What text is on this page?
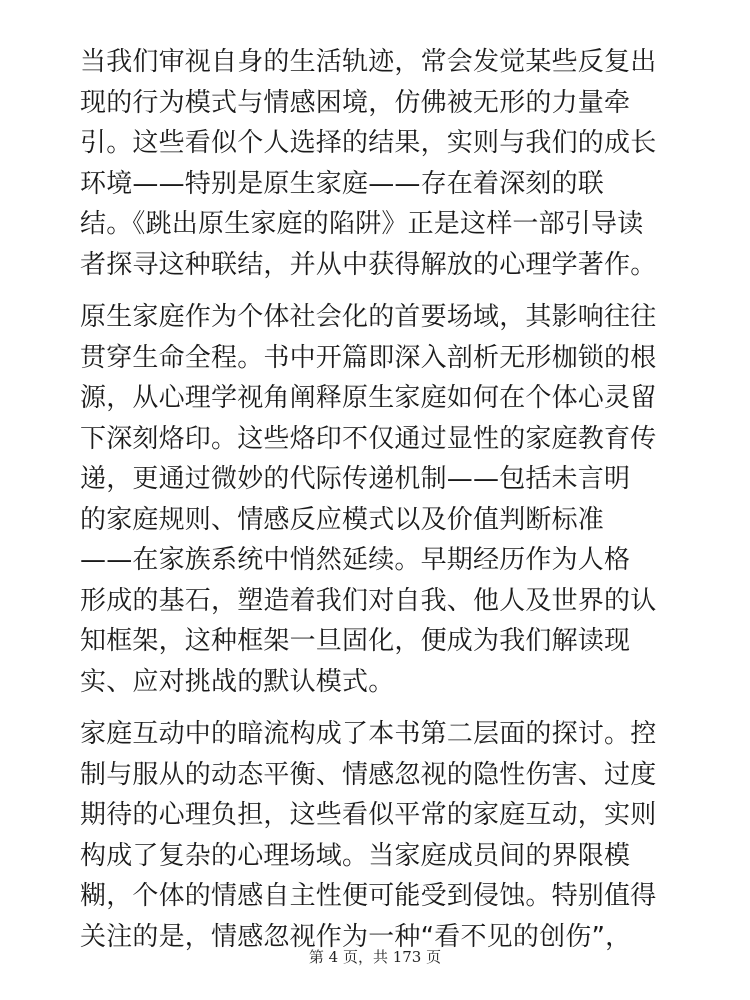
当我们审视自身的生活轨迹，常会发觉某些反复出
现的行为模式与情感困境，仿佛被无形的力量牵
引。这些看似个人选择的结果，实则与我们的成长
环境——特别是原生家庭——存在着深刻的联
结。《跳出原生家庭的陷阱》正是这样一部引导读
者探寻这种联结，并从中获得解放的心理学著作。

原生家庭作为个体社会化的首要场域，其影响往往
贯穿生命全程。书中开篇即深入剖析无形枷锁的根
源，从心理学视角阐释原生家庭如何在个体心灵留
下深刻烙印。这些烙印不仅通过显性的家庭教育传
递，更通过微妙的代际传递机制——包括未言明
的家庭规则、情感反应模式以及价值判断标准
——在家族系统中悄然延续。早期经历作为人格
形成的基石，塑造着我们对自我、他人及世界的认
知框架，这种框架一旦固化，便成为我们解读现
实、应对挑战的默认模式。

家庭互动中的暗流构成了本书第二层面的探讨。控
制与服从的动态平衡、情感忽视的隐性伤害、过度
期待的心理负担，这些看似平常的家庭互动，实则
构成了复杂的心理场域。当家庭成员间的界限模
糊，个体的情感自主性便可能受到侵蚀。特别值得
关注的是，情感忽视作为一种“看不见的创伤”，

第 4 页，共 173 页
